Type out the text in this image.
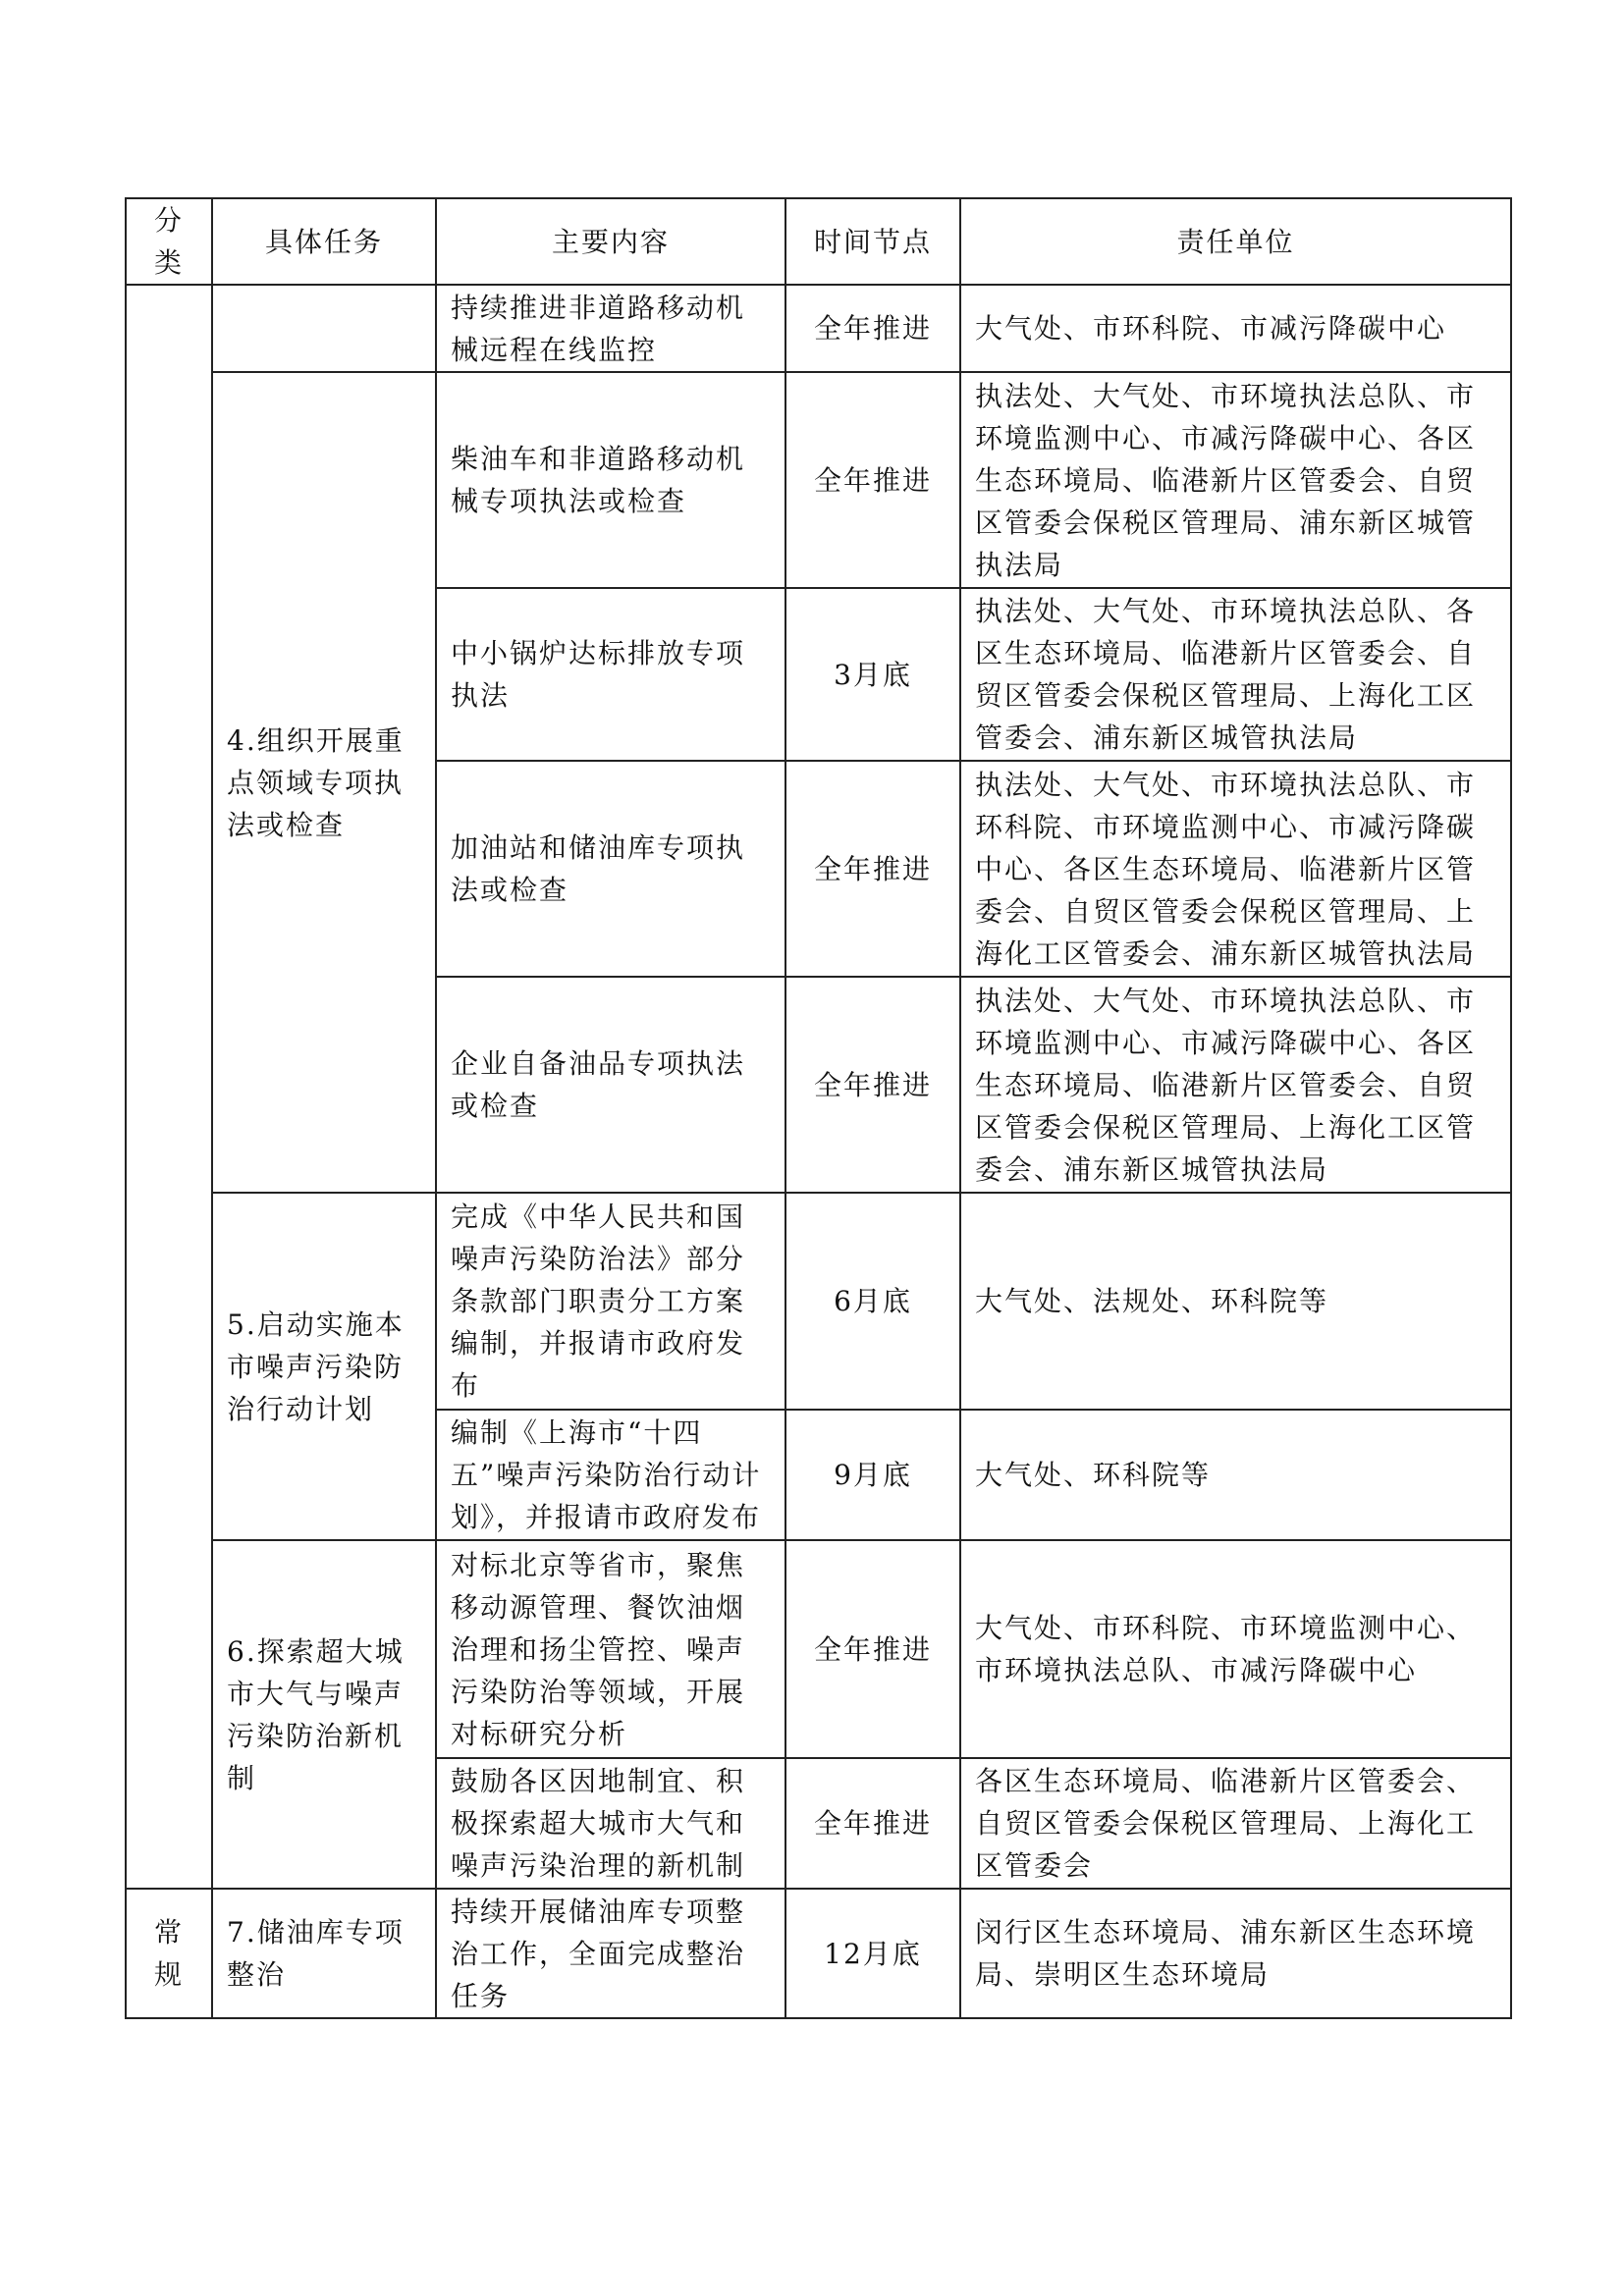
分类	具体任务	主要内容	时间节点	责任单位
		持续推进非道路移动机械远程在线监控	全年推进	大气处、市环科院、市减污降碳中心
	4.组织开展重点领域专项执法或检查	柴油车和非道路移动机械专项执法或检查	全年推进	执法处、大气处、市环境执法总队、市环境监测中心、市减污降碳中心、各区生态环境局、临港新片区管委会、自贸区管委会保税区管理局、浦东新区城管执法局
		中小锅炉达标排放专项执法	3月底	执法处、大气处、市环境执法总队、各区生态环境局、临港新片区管委会、自贸区管委会保税区管理局、上海化工区管委会、浦东新区城管执法局
		加油站和储油库专项执法或检查	全年推进	执法处、大气处、市环境执法总队、市环科院、市环境监测中心、市减污降碳中心、各区生态环境局、临港新片区管委会、自贸区管委会保税区管理局、上海化工区管委会、浦东新区城管执法局
		企业自备油品专项执法或检查	全年推进	执法处、大气处、市环境执法总队、市环境监测中心、市减污降碳中心、各区生态环境局、临港新片区管委会、自贸区管委会保税区管理局、上海化工区管委会、浦东新区城管执法局
	5.启动实施本市噪声污染防治行动计划	完成《中华人民共和国噪声污染防治法》部分条款部门职责分工方案编制，并报请市政府发布	6月底	大气处、法规处、环科院等
		编制《上海市“十四五”噪声污染防治行动计划》，并报请市政府发布	9月底	大气处、环科院等
	6.探索超大城市大气与噪声污染防治新机制	对标北京等省市，聚焦移动源管理、餐饮油烟治理和扬尘管控、噪声污染防治等领域，开展对标研究分析	全年推进	大气处、市环科院、市环境监测中心、市环境执法总队、市减污降碳中心
		鼓励各区因地制宜、积极探索超大城市大气和噪声污染治理的新机制	全年推进	各区生态环境局、临港新片区管委会、自贸区管委会保税区管理局、上海化工区管委会
常规	7.储油库专项整治	持续开展储油库专项整治工作，全面完成整治任务	12月底	闵行区生态环境局、浦东新区生态环境局、崇明区生态环境局
